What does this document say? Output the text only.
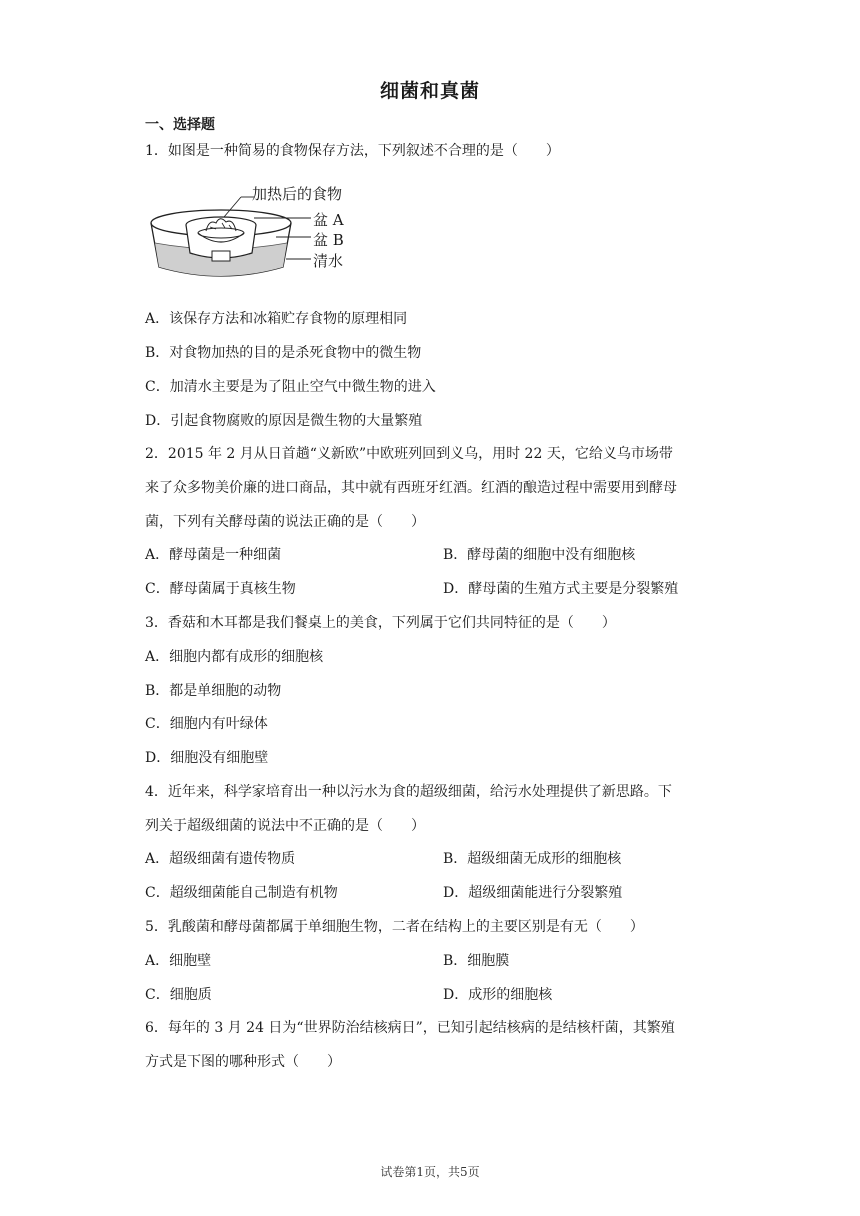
细菌和真菌
一、选择题
1．如图是一种简易的食物保存方法，下列叙述不合理的是（　　）
加热后的食物
盆 A
盆 B
清水
A．该保存方法和冰箱贮存食物的原理相同
B．对食物加热的目的是杀死食物中的微生物
C．加清水主要是为了阻止空气中微生物的进入
D．引起食物腐败的原因是微生物的大量繁殖
2．2015 年 2 月从日首趟“义新欧”中欧班列回到义乌，用时 22 天，它给义乌市场带
来了众多物美价廉的进口商品，其中就有西班牙红酒。红酒的酿造过程中需要用到酵母
菌，下列有关酵母菌的说法正确的是（　　）
A．酵母菌是一种细菌	B．酵母菌的细胞中没有细胞核
C．酵母菌属于真核生物	D．酵母菌的生殖方式主要是分裂繁殖
3．香菇和木耳都是我们餐桌上的美食，下列属于它们共同特征的是（　　）
A．细胞内都有成形的细胞核
B．都是单细胞的动物
C．细胞内有叶绿体
D．细胞没有细胞壁
4．近年来，科学家培育出一种以污水为食的超级细菌，给污水处理提供了新思路。下
列关于超级细菌的说法中不正确的是（　　）
A．超级细菌有遗传物质	B．超级细菌无成形的细胞核
C．超级细菌能自己制造有机物	D．超级细菌能进行分裂繁殖
5．乳酸菌和酵母菌都属于单细胞生物，二者在结构上的主要区别是有无（　　）
A．细胞壁	B．细胞膜
C．细胞质	D．成形的细胞核
6．每年的 3 月 24 日为“世界防治结核病日”，已知引起结核病的是结核杆菌，其繁殖
方式是下图的哪种形式（　　）
试卷第1页，共5页
